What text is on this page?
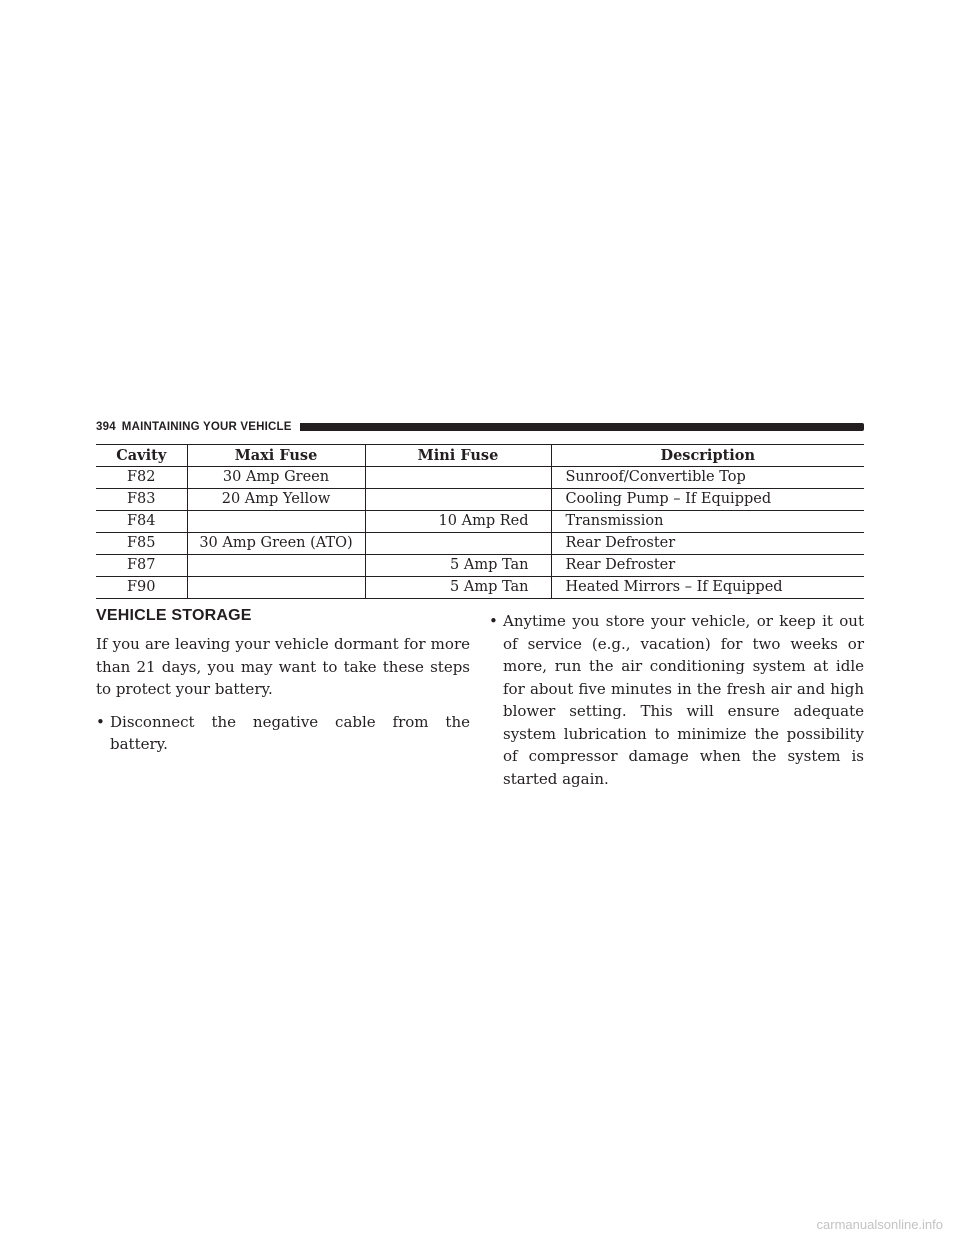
394 MAINTAINING YOUR VEHICLE
Cavity	Maxi Fuse	Mini Fuse	Description
F82	30 Amp Green		Sunroof/Convertible Top
F83	20 Amp Yellow		Cooling Pump – If Equipped
F84		10 Amp Red	Transmission
F85	30 Amp Green (ATO)		Rear Defroster
F87		5 Amp Tan	Rear Defroster
F90		5 Amp Tan	Heated Mirrors – If Equipped
VEHICLE STORAGE

If you are leaving your vehicle dormant for more than 21 days, you may want to take these steps to protect your battery.

• Disconnect the negative cable from the battery.
• Anytime you store your vehicle, or keep it out of service (e.g., vacation) for two weeks or more, run the air conditioning system at idle for about five minutes in the fresh air and high blower setting. This will ensure adequate system lubrication to minimize the possibility of compressor damage when the system is started again.
carmanualsonline.info
